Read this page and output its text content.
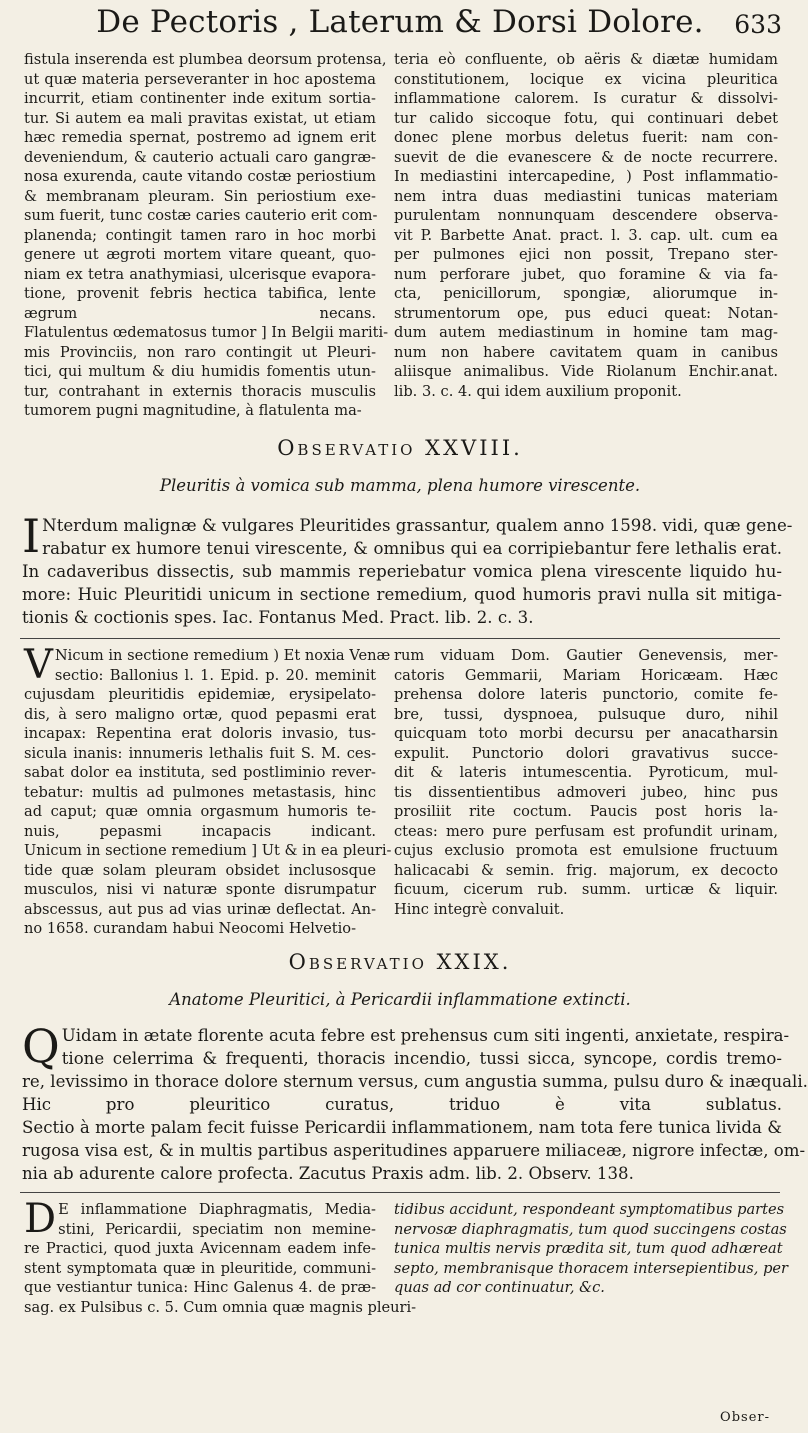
De Pectoris , Laterum & Dorsi Dolore.	633
fistula inserenda est plumbea deorsum protensa,
ut quæ materia perseveranter in hoc apostema
incurrit, etiam continenter inde exitum sortia-
tur. Si autem ea mali pravitas existat, ut etiam
hæc remedia spernat, postremo ad ignem erit
deveniendum, & cauterio actuali caro gangræ-
nosa exurenda, caute vitando costæ periostium
& membranam pleuram. Sin periostium exe-
sum fuerit, tunc costæ caries cauterio erit com-
planenda; contingit tamen raro in hoc morbi
genere ut ægroti mortem vitare queant, quo-
niam ex tetra anathymiasi, ulcerisque evapora-
tione, provenit febris hectica tabifica, lente
ægrum necans.
Flatulentus œdematosus tumor ] In Belgii mariti-
mis Provinciis, non raro contingit ut Pleuri-
tici, qui multum & diu humidis fomentis utun-
tur, contrahant in externis thoracis musculis
tumorem pugni magnitudine, à flatulenta ma-
teria eò confluente, ob aëris & diætæ humidam
constitutionem, locique ex vicina pleuritica
inflammatione calorem. Is curatur & dissolvi-
tur calido siccoque fotu, qui continuari debet
donec plene morbus deletus fuerit: nam con-
suevit de die evanescere & de nocte recurrere.
In mediastini intercapedine, ) Post inflammatio-
nem intra duas mediastini tunicas materiam
purulentam nonnunquam descendere observa-
vit P. Barbette Anat. pract. l. 3. cap. ult. cum ea
per pulmones ejici non possit, Trepano ster-
num perforare jubet, quo foramine & via fa-
cta, penicillorum, spongiæ, aliorumque in-
strumentorum ope, pus educi queat: Notan-
dum autem mediastinum in homine tam mag-
num non habere cavitatem quam in canibus
aliisque animalibus. Vide Riolanum Enchir.anat.
lib. 3. c. 4. qui idem auxilium proponit.
Observatio XXVIII.
Pleuritis à vomica sub mamma, plena humore virescente.
I Nterdum malignæ & vulgares Pleuritides grassantur, qualem anno 1598. vidi, quæ gene-
rabatur ex humore tenui virescente, & omnibus qui ea corripiebantur fere lethalis erat.
In cadaveribus dissectis, sub mammis reperiebatur vomica plena virescente liquido hu-
more: Huic Pleuritidi unicum in sectione remedium, quod humoris pravi nulla sit mitiga-
tionis & coctionis spes. Iac. Fontanus Med. Pract. lib. 2. c. 3.
V Nicum in sectione remedium ) Et noxia Venæ
sectio: Ballonius l. 1. Epid. p. 20. meminit
cujusdam pleuritidis epidemiæ, erysipelato-
dis, à sero maligno ortæ, quod pepasmi erat
incapax: Repentina erat doloris invasio, tus-
sicula inanis: innumeris lethalis fuit S. M. ces-
sabat dolor ea instituta, sed postliminio rever-
tebatur: multis ad pulmones metastasis, hinc
ad caput; quæ omnia orgasmum humoris te-
nuis, pepasmi incapacis indicant.
Unicum in sectione remedium ] Ut & in ea pleuri-
tide quæ solam pleuram obsidet inclusosque
musculos, nisi vi naturæ sponte disrumpatur
abscessus, aut pus ad vias urinæ deflectat. An-
no 1658. curandam habui Neocomi Helvetio-
rum viduam Dom. Gautier Genevensis, mer-
catoris Gemmarii, Mariam Horicæam. Hæc
prehensa dolore lateris punctorio, comite fe-
bre, tussi, dyspnoea, pulsuque duro, nihil
quicquam toto morbi decursu per anacatharsin
expulit. Punctorio dolori gravativus succe-
dit & lateris intumescentia. Pyroticum, mul-
tis dissentientibus admoveri jubeo, hinc pus
prosiliit rite coctum. Paucis post horis la-
cteas: mero pure perfusam est profundit urinam,
cujus exclusio promota est emulsione fructuum
halicacabi & semin. frig. majorum, ex decocto
ficuum, cicerum rub. summ. urticæ & liquir.
Hinc integrè convaluit.
Observatio XXIX.
Anatome Pleuritici, à Pericardii inflammatione extincti.
Q Uidam in ætate florente acuta febre est prehensus cum siti ingenti, anxietate, respira-
tione celerrima & frequenti, thoracis incendio, tussi sicca, syncope, cordis tremo-
re, levissimo in thorace dolore sternum versus, cum angustia summa, pulsu duro & inæquali.
Hic pro pleuritico curatus, triduo è vita sublatus.
Sectio à morte palam fecit fuisse Pericardii inflammationem, nam tota fere tunica livida &
rugosa visa est, & in multis partibus asperitudines apparuere miliaceæ, nigrore infectæ, om-
nia ab adurente calore profecta. Zacutus Praxis adm. lib. 2. Observ. 138.
D E inflammatione Diaphragmatis, Media-
stini, Pericardii, speciatim non memine-
re Practici, quod juxta Avicennam eadem infe-
stent symptomata quæ in pleuritide, communi-
que vestiantur tunica: Hinc Galenus 4. de præ-
sag. ex Pulsibus c. 5. Cum omnia quæ magnis pleuri-
tidibus accidunt, respondeant symptomatibus partes
nervosæ diaphragmatis, tum quod succingens costas
tunica multis nervis prædita sit, tum quod adhæreat
septo, membranisque thoracem intersepientibus, per
quas ad cor continuatur, &c.
Obser-
